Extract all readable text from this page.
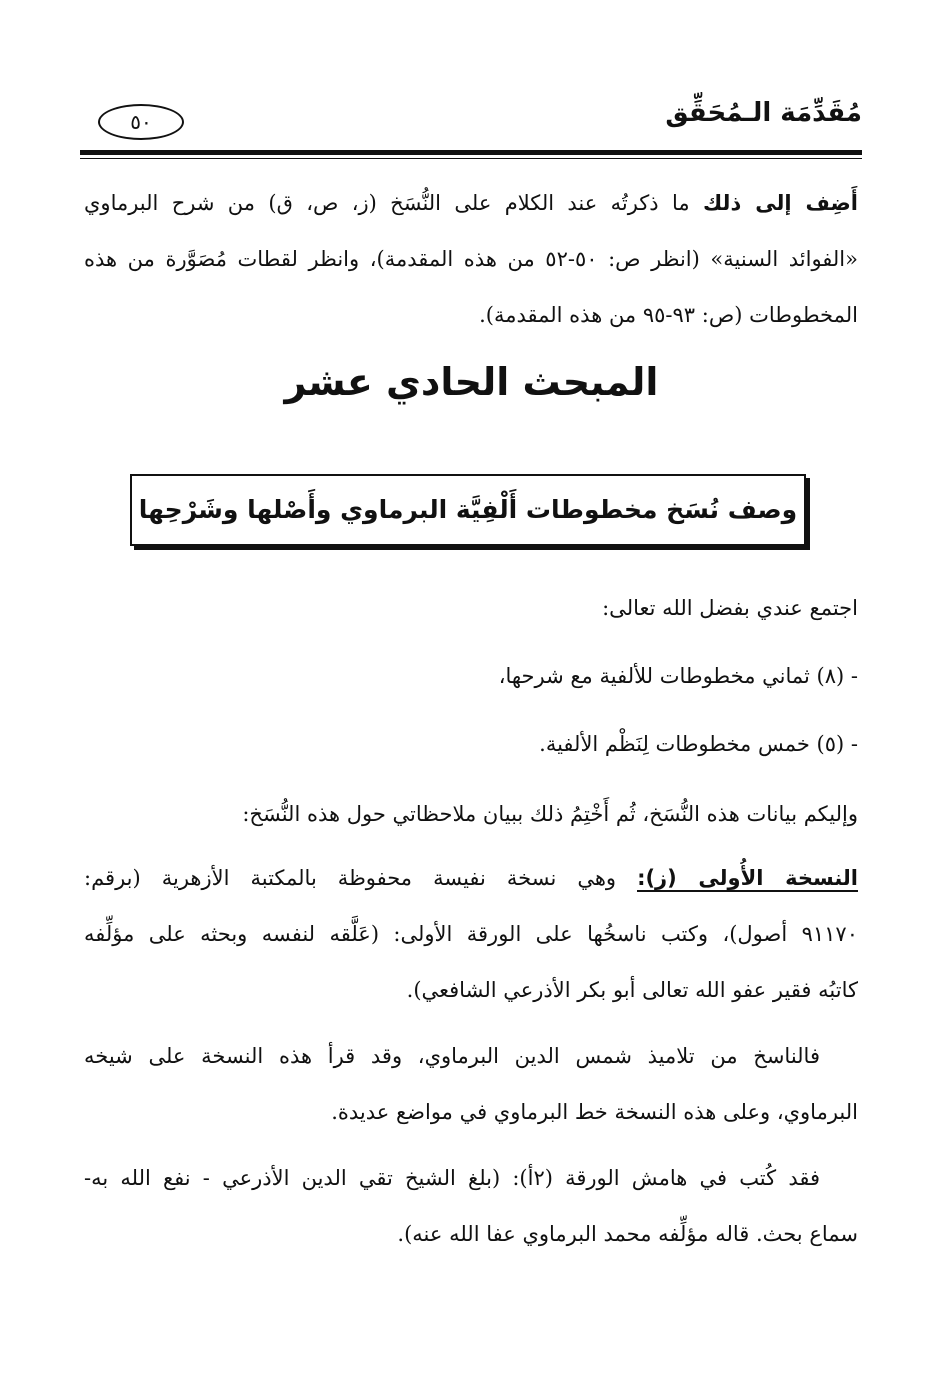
مُقَدِّمَة الـمُحَقِّق
٥٠
أَضِف إلى ذلك ما ذكرتُه عند الكلام على النُّسَخ (ز، ص، ق) من شرح البرماوي
«الفوائد السنية» (انظر ص: ٥٠-٥٢ من هذه المقدمة)، وانظر لقطات مُصَوَّرة من هذه
المخطوطات (ص: ٩٣-٩٥ من هذه المقدمة).
المبحث الحادي عشر
وصف نُسَخ مخطوطات أَلْفِيَّة البرماوي وأَصْلها وشَرْحِها
اجتمع عندي بفضل الله تعالى:
- (٨) ثماني مخطوطات للألفية مع شرحها،
- (٥) خمس مخطوطات لِنَظْم الألفية.
وإليكم بيانات هذه النُّسَخ، ثُم أَخْتِمُ ذلك ببيان ملاحظاتي حول هذه النُّسَخ:
النسخة الأُولى (ز): وهي نسخة نفيسة محفوظة بالمكتبة الأزهرية (برقم:
٩١١٧٠ أصول)، وكتب ناسخُها على الورقة الأولى: (عَلَّقه لنفسه وبحثه على مؤلِّفه
كاتبُه فقير عفو الله تعالى أبو بكر الأذرعي الشافعي).
فالناسخ من تلاميذ شمس الدين البرماوي، وقد قرأ هذه النسخة على شيخه
البرماوي، وعلى هذه النسخة خط البرماوي في مواضع عديدة.
فقد كُتب في هامش الورقة (٢أ): (بلغ الشيخ تقي الدين الأذرعي - نفع الله به-
سماع بحث. قاله مؤلِّفه محمد البرماوي عفا الله عنه).
